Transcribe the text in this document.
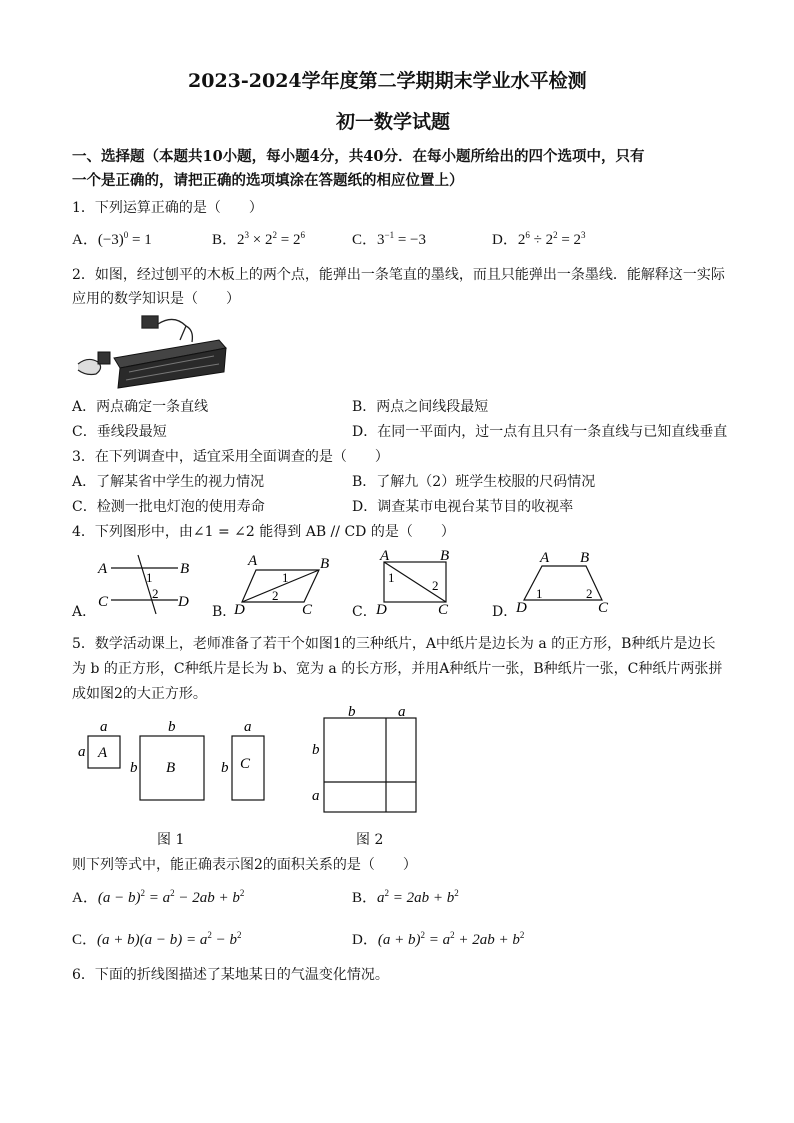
2023-2024学年度第二学期期末学业水平检测
初一数学试题
一、选择题（本题共10小题，每小题4分，共40分．在每小题所给出的四个选项中，只有
一个是正确的，请把正确的选项填涂在答题纸的相应位置上）
1．下列运算正确的是（　　）
A．$(-3)^0 = 1$	B．$2^3 \times 2^2 = 2^6$	C．$3^{-1} = -3$	D．$2^6 \div 2^2 = 2^3$
2．如图，经过刨平的木板上的两个点，能弹出一条笔直的墨线，而且只能弹出一条墨线．能解释这一实际
应用的数学知识是（　　）
A．两点确定一条直线	B．两点之间线段最短
C．垂线段最短	D．在同一平面内，过一点有且只有一条直线与已知直线垂直
3．在下列调查中，适宜采用全面调查的是（　　）
A．了解某省中学生的视力情况	B．了解九（2）班学生校服的尺码情况
C．检测一批电灯泡的使用寿命	D．调查某市电视台某节目的收视率
4．下列图形中，由∠1 = ∠2 能得到 AB // CD 的是（　　）
A．
A	B
C	D
1
2
B．
A	B
D	C
1
2
C．
A	B
D	C
1
2
D．
A B
D	C
1	2
5．数学活动课上，老师准备了若干个如图1的三种纸片，A中纸片是边长为 a 的正方形，B种纸片是边长
为 b 的正方形，C种纸片是长为 b、宽为 a 的长方形，并用A种纸片一张，B种纸片一张，C种纸片两张拼
成如图2的大正方形。
A
a
a
B
b
b	C
a
b
b	a
b
a
图 1	图 2
则下列等式中，能正确表示图2的面积关系的是（　　）
A．$(a - b)^2 = a^2 - 2ab + b^2$	B．$a^2 = 2ab + b^2$
C．$(a + b)(a - b) = a^2 - b^2$	D．$(a + b)^2 = a^2 + 2ab + b^2$
6．下面的折线图描述了某地某日的气温变化情况。
